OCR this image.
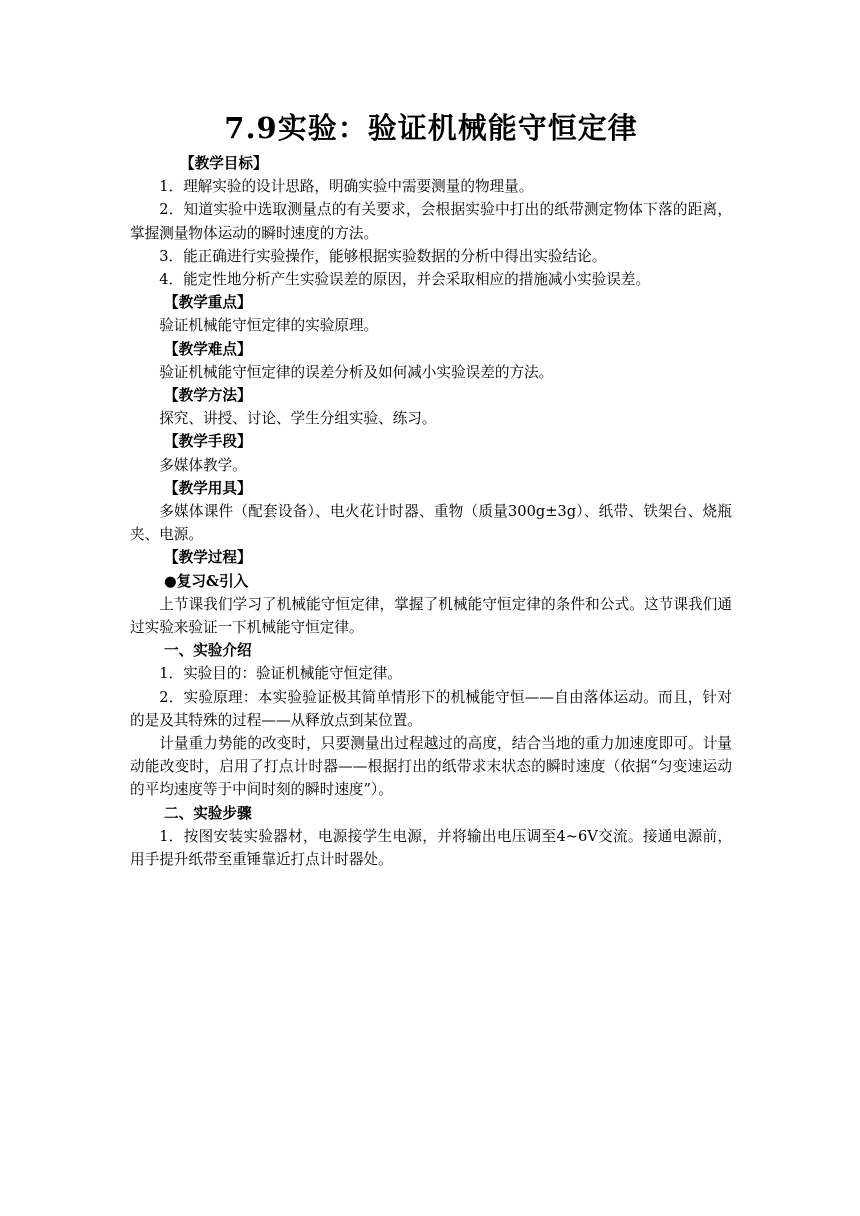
7.9实验：验证机械能守恒定律
【教学目标】

1．理解实验的设计思路，明确实验中需要测量的物理量。

2．知道实验中选取测量点的有关要求，会根据实验中打出的纸带测定物体下落的距离，掌握测量物体运动的瞬时速度的方法。

3．能正确进行实验操作，能够根据实验数据的分析中得出实验结论。

4．能定性地分析产生实验误差的原因，并会采取相应的措施减小实验误差。

【教学重点】

验证机械能守恒定律的实验原理。

【教学难点】

验证机械能守恒定律的误差分析及如何减小实验误差的方法。

【教学方法】

探究、讲授、讨论、学生分组实验、练习。

【教学手段】

多媒体教学。

【教学用具】

多媒体课件（配套设备）、电火花计时器、重物（质量300g±3g）、纸带、铁架台、烧瓶夹、电源。

【教学过程】
●复习&引入

上节课我们学习了机械能守恒定律，掌握了机械能守恒定律的条件和公式。这节课我们通过实验来验证一下机械能守恒定律。

一、实验介绍

1．实验目的：验证机械能守恒定律。

2．实验原理：本实验验证极其简单情形下的机械能守恒——自由落体运动。而且，针对的是及其特殊的过程——从释放点到某位置。

计量重力势能的改变时，只要测量出过程越过的高度，结合当地的重力加速度即可。计量动能改变时，启用了打点计时器——根据打出的纸带求末状态的瞬时速度（依据“匀变速运动的平均速度等于中间时刻的瞬时速度”）。

二、实验步骤

1．按图安装实验器材，电源接学生电源，并将输出电压调至4~6V交流。接通电源前，用手提升纸带至重锤靠近打点计时器处。
